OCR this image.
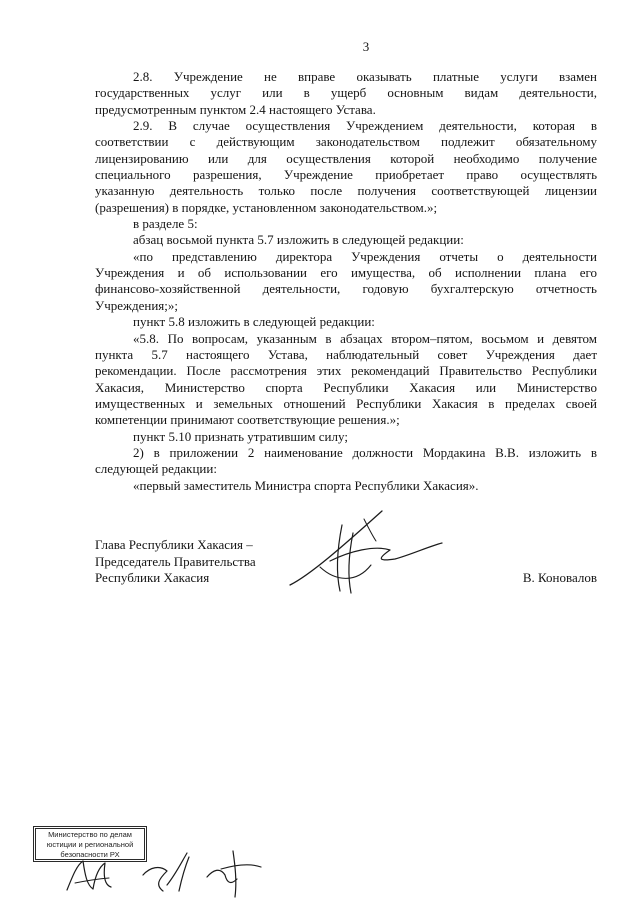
3
2.8. Учреждение не вправе оказывать платные услуги взамен
государственных услуг или в ущерб основным видам деятельности,
предусмотренным пунктом 2.4 настоящего Устава.
2.9. В случае осуществления Учреждением деятельности, которая в
соответствии с действующим законодательством подлежит обязательному
лицензированию или для осуществления которой необходимо получение
специального разрешения, Учреждение приобретает право осуществлять
указанную деятельность только после получения соответствующей лицензии
(разрешения) в порядке, установленном законодательством.»;
в разделе 5:
абзац восьмой пункта 5.7 изложить в следующей редакции:
«по представлению директора Учреждения отчеты о деятельности
Учреждения и об использовании его имущества, об исполнении плана его
финансово-хозяйственной деятельности, годовую бухгалтерскую отчетность
Учреждения;»;
пункт 5.8 изложить в следующей редакции:
«5.8. По вопросам, указанным в абзацах втором–пятом, восьмом и девятом
пункта 5.7 настоящего Устава, наблюдательный совет Учреждения дает
рекомендации. После рассмотрения этих рекомендаций Правительство Республики
Хакасия, Министерство спорта Республики Хакасия или Министерство
имущественных и земельных отношений Республики Хакасия в пределах своей
компетенции принимают соответствующие решения.»;
пункт 5.10 признать утратившим силу;
2) в приложении 2 наименование должности Мордакина В.В. изложить в
следующей редакции:
«первый заместитель Министра спорта Республики Хакасия».
Глава Республики Хакасия –
Председатель Правительства
Республики Хакасия	В. Коновалов
Министерство по делам
юстиции и региональной
безопасности РХ
